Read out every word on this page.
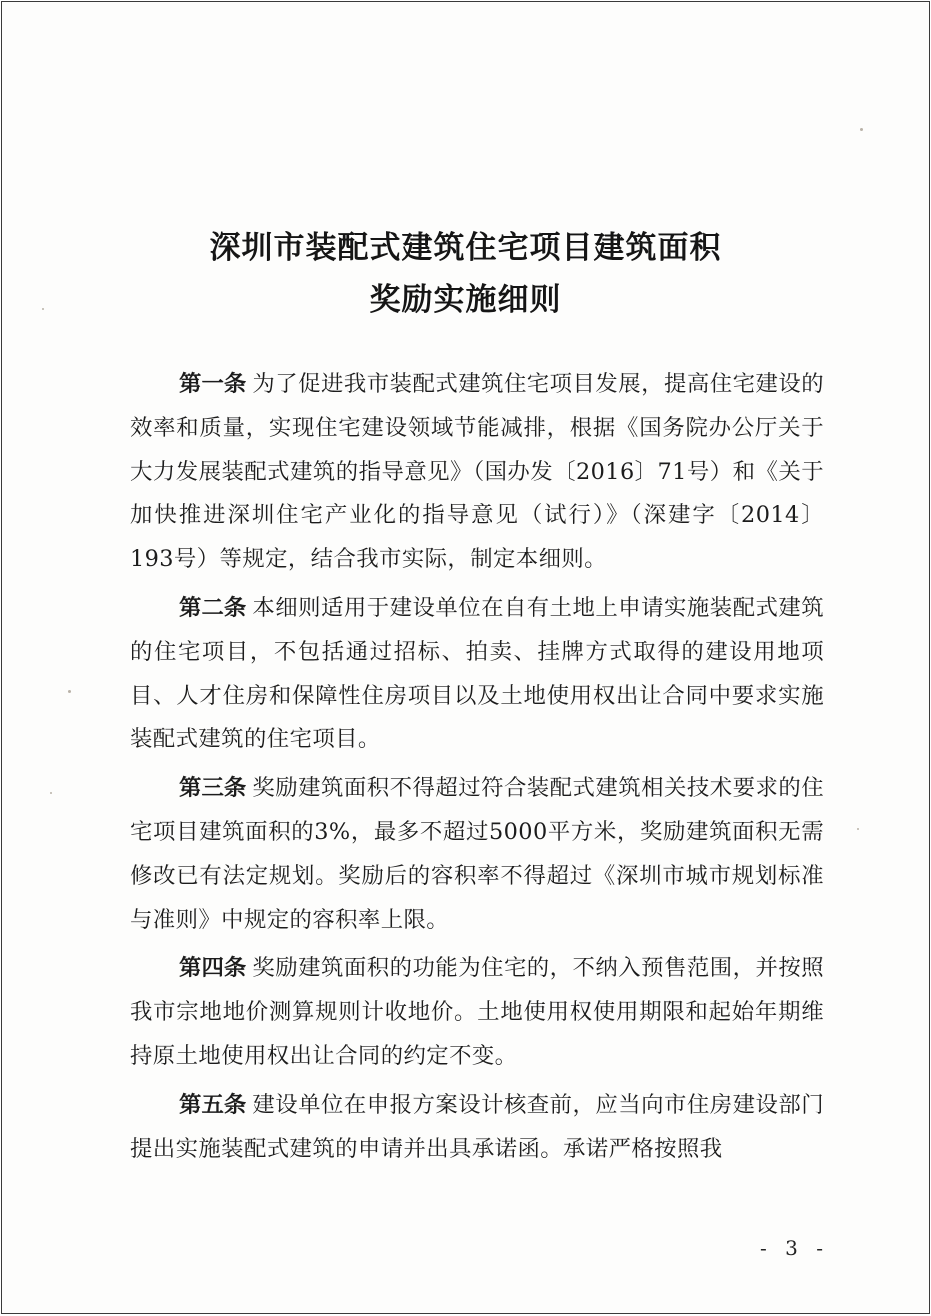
深圳市装配式建筑住宅项目建筑面积
奖励实施细则

第一条 为了促进我市装配式建筑住宅项目发展，提高住宅建设的效率和质量，实现住宅建设领域节能减排，根据《国务院办公厅关于大力发展装配式建筑的指导意见》（国办发〔2016〕71号）和《关于加快推进深圳住宅产业化的指导意见（试行）》（深建字〔2014〕193号）等规定，结合我市实际，制定本细则。

第二条 本细则适用于建设单位在自有土地上申请实施装配式建筑的住宅项目，不包括通过招标、拍卖、挂牌方式取得的建设用地项目、人才住房和保障性住房项目以及土地使用权出让合同中要求实施装配式建筑的住宅项目。

第三条 奖励建筑面积不得超过符合装配式建筑相关技术要求的住宅项目建筑面积的3%，最多不超过5000平方米，奖励建筑面积无需修改已有法定规划。奖励后的容积率不得超过《深圳市城市规划标准与准则》中规定的容积率上限。

第四条 奖励建筑面积的功能为住宅的，不纳入预售范围，并按照我市宗地地价测算规则计收地价。土地使用权使用期限和起始年期维持原土地使用权出让合同的约定不变。

第五条 建设单位在申报方案设计核查前，应当向市住房建设部门提出实施装配式建筑的申请并出具承诺函。承诺严格按照我

- 3 -
